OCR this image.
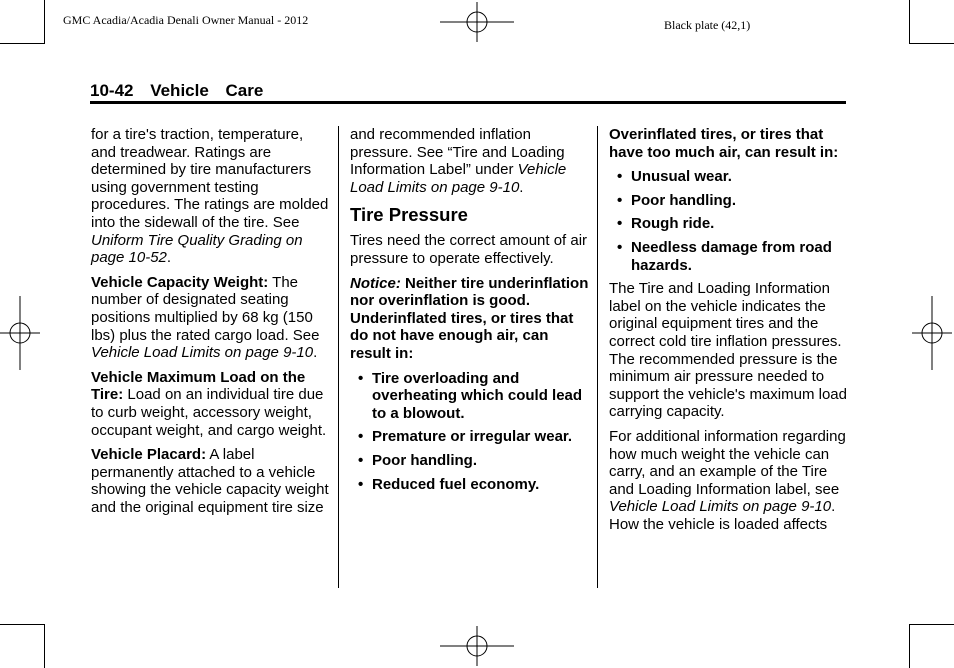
GMC Acadia/Acadia Denali Owner Manual - 2012	Black plate (42,1)
10-42 Vehicle Care

for a tire's traction, temperature, and treadwear. Ratings are determined by tire manufacturers using government testing procedures. The ratings are molded into the sidewall of the tire. See Uniform Tire Quality Grading on page 10-52.

Vehicle Capacity Weight: The number of designated seating positions multiplied by 68 kg (150 lbs) plus the rated cargo load. See Vehicle Load Limits on page 9-10.

Vehicle Maximum Load on the Tire: Load on an individual tire due to curb weight, accessory weight, occupant weight, and cargo weight.

Vehicle Placard: A label permanently attached to a vehicle showing the vehicle capacity weight and the original equipment tire size

and recommended inflation pressure. See “Tire and Loading Information Label” under Vehicle Load Limits on page 9-10.

Tire Pressure

Tires need the correct amount of air pressure to operate effectively.

Notice: Neither tire underinflation nor overinflation is good. Underinflated tires, or tires that do not have enough air, can result in:

• Tire overloading and overheating which could lead to a blowout.
• Premature or irregular wear.
• Poor handling.
• Reduced fuel economy.

Overinflated tires, or tires that have too much air, can result in:

• Unusual wear.
• Poor handling.
• Rough ride.
• Needless damage from road hazards.

The Tire and Loading Information label on the vehicle indicates the original equipment tires and the correct cold tire inflation pressures. The recommended pressure is the minimum air pressure needed to support the vehicle's maximum load carrying capacity.

For additional information regarding how much weight the vehicle can carry, and an example of the Tire and Loading Information label, see Vehicle Load Limits on page 9-10. How the vehicle is loaded affects
